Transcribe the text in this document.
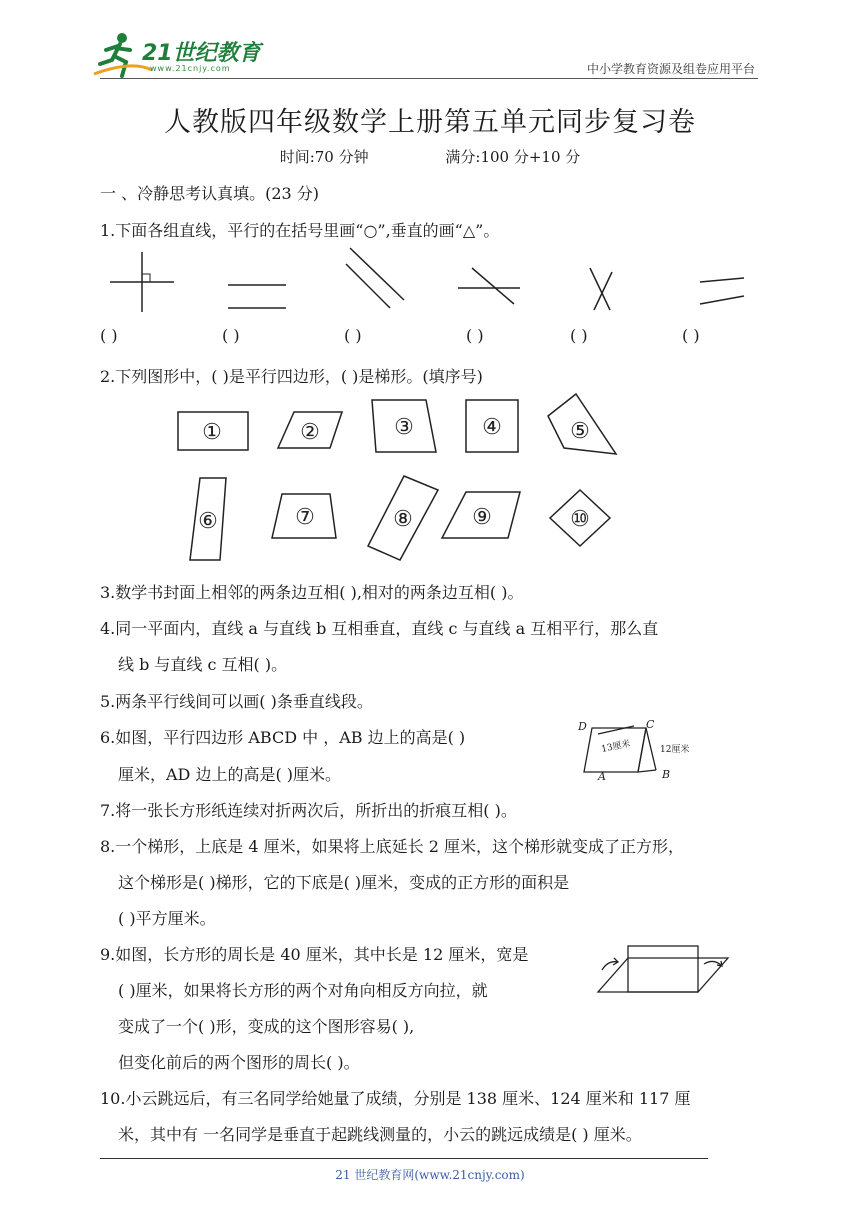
21世纪教育
www.21cnjy.com	中小学教育资源及组卷应用平台
人教版四年级数学上册第五单元同步复习卷
时间:70 分钟	满分:100 分+10 分
一 、冷静思考认真填。(23 分)
1.下面各组直线，平行的在括号里画“○”,垂直的画“△”。
( )	( )	( )	( )	( )	( )
2.下列图形中，( )是平行四边形，( )是梯形。(填序号)
①	②	③	④	⑤
⑥	⑦	⑧	⑨	⑩
3.数学书封面上相邻的两条边互相( ),相对的两条边互相( )。
4.同一平面内，直线 a 与直线 b 互相垂直，直线 c 与直线 a 互相平行，那么直
线 b 与直线 c 互相( )。
5.两条平行线间可以画( )条垂直线段。
6.如图，平行四边形 ABCD 中 ，AB 边上的高是( )
厘米，AD 边上的高是( )厘米。
D	C
A	B
13厘米	12厘米
7.将一张长方形纸连续对折两次后，所折出的折痕互相( )。
8.一个梯形，上底是 4 厘米，如果将上底延长 2 厘米，这个梯形就变成了正方形，
这个梯形是( )梯形，它的下底是( )厘米，变成的正方形的面积是
( )平方厘米。
9.如图，长方形的周长是 40 厘米，其中长是 12 厘米，宽是
( )厘米，如果将长方形的两个对角向相反方向拉，就
变成了一个( )形，变成的这个图形容易( ),
但变化前后的两个图形的周长( )。
10.小云跳远后，有三名同学给她量了成绩，分别是 138 厘米、124 厘米和 117 厘
米，其中有 一名同学是垂直于起跳线测量的，小云的跳远成绩是( ) 厘米。
21 世纪教育网(www.21cnjy.com)
